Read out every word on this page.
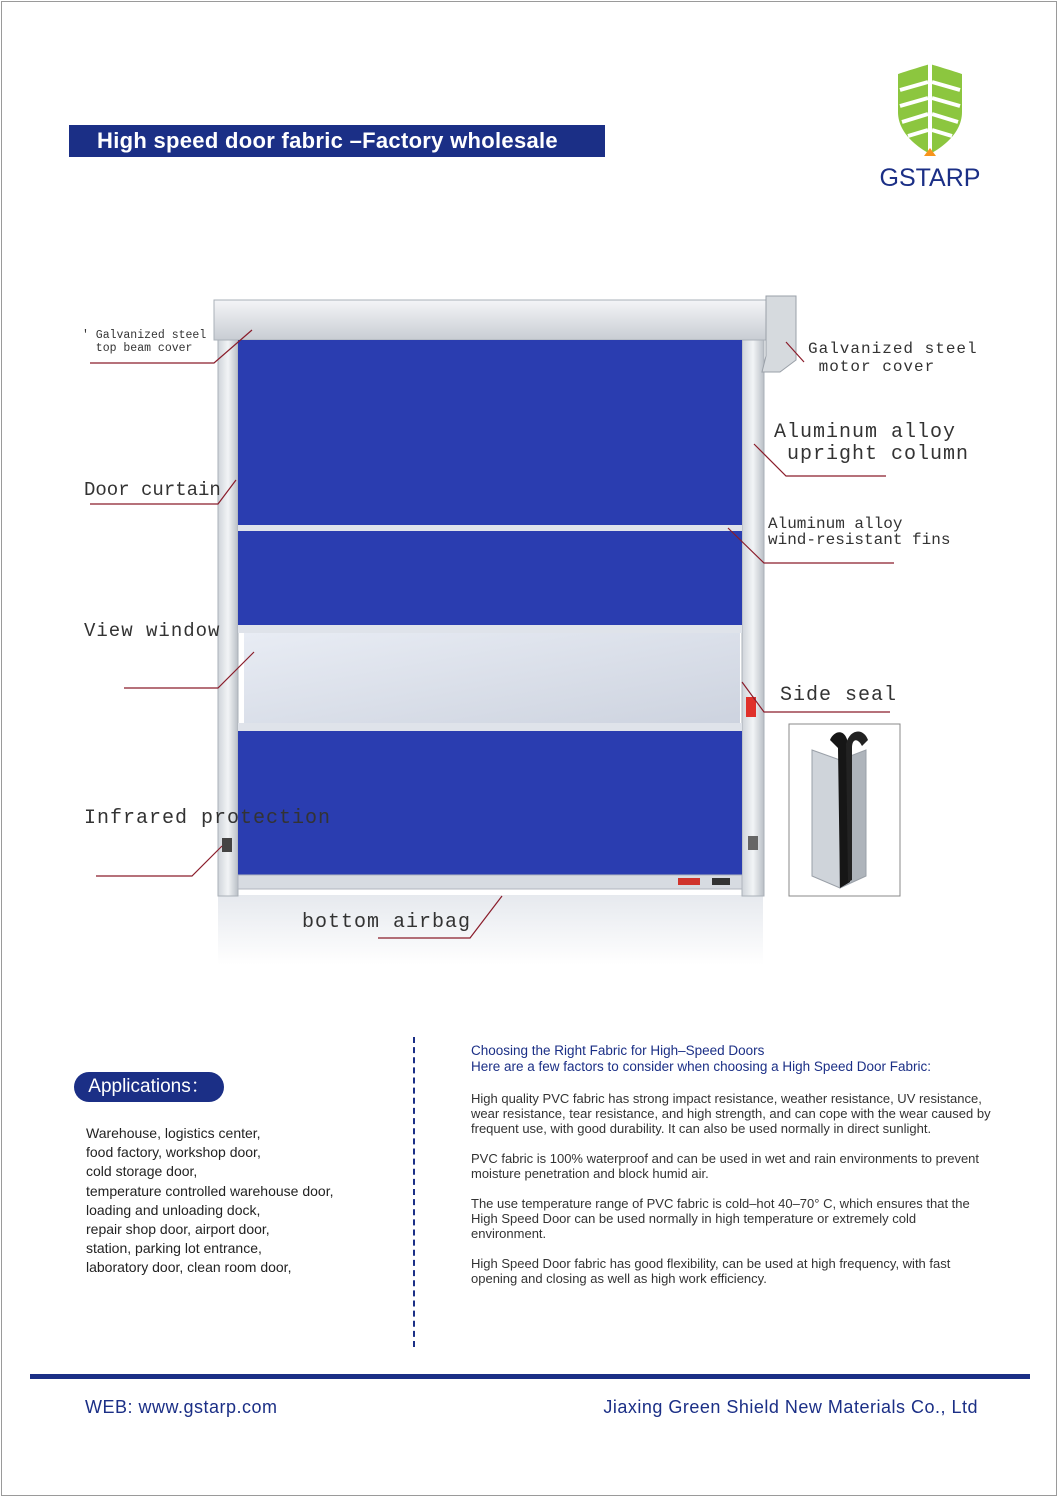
High speed door fabric –Factory wholesale
GSTARP
' Galvanized steel
top beam cover	Galvanized steel
motor cover
Aluminum alloy
upright column
Aluminum alloy
wind-resistant fins
Door curtain
View window
Side seal
Infrared protection
bottom airbag
Applications：
Warehouse, logistics center,
food factory, workshop door,
cold storage door,
temperature controlled warehouse door,
loading and unloading dock,
repair shop door, airport door,
station, parking lot entrance,
laboratory door, clean room door,

Choosing the Right Fabric for High–Speed Doors

Here are a few factors to consider when choosing a High Speed Door Fabric:

High quality PVC fabric has strong impact resistance, weather resistance, UV resistance, wear resistance, tear resistance, and high strength, and can cope with the wear caused by frequent use, with good durability. It can also be used normally in direct sunlight.

PVC fabric is 100% waterproof and can be used in wet and rain environments to prevent moisture penetration and block humid air.

The use temperature range of PVC fabric is cold–hot 40–70° C, which ensures that the High Speed Door can be used normally in high temperature or extremely cold environment.

High Speed Door fabric has good flexibility, can be used at high frequency, with fast opening and closing as well as high work efficiency.

WEB: www.gstarp.com	Jiaxing Green Shield New Materials Co., Ltd
